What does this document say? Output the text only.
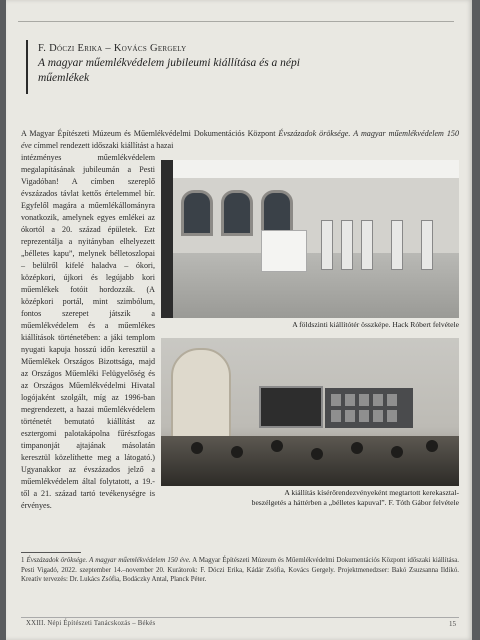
F. Dóczi Erika – Kovács Gergely
A magyar műemlékvédelem jubileumi kiállítása és a népi műemlékek
A Magyar Építészeti Múzeum és Műemlékvédelmi Dokumentációs Központ Évszázadok öröksége. A magyar műemlékvédelem 150 éve címmel rendezett időszaki kiállítást a hazai
intézményes műemlékvédelem megalapításának jubileumán a Pesti Vigadóban! A címben szereplő évszázados távlat kettős értelemmel bír. Egyfelől magára a műemlékállományra vonatkozik, amelynek egyes emlékei az ókortól a 20. század épületek. Ezt reprezentálja a nyitányban elhelyezett „bélletes kapu”, melynek bélletoszlopai – belülről kifelé haladva – ókori, középkori, újkori és legújabb kori műemlékek fotóit hordozzák. (A középkori portál, mint szimbólum, fontos szerepet játszik a műemlékvédelem és a műemlékes kiállítások történetében: a jáki templom nyugati kapuja hosszú időn keresztül a Műemlékek Országos Bizottsága, majd az Országos Műemléki Felügyelőség és az Országos Műemlékvédelmi Hivatal logójaként szolgált, míg az 1996-ban megrendezett, a hazai műemlékvédelem történetét bemutató kiállítást az esztergomi palotakápolna fűrészfogas timpanonját ajtajának másolatán keresztül közelíthette meg a látogató.) Ugyanakkor az évszázados jelző a műemlékvédelem által folytatott, a 19.-től a 21. század tartó tevékenységre is érvényes.
A földszinti kiállítótér összképe. Hack Róbert felvétele
A kiállítás kísérőrendezvényeként megtartott kerekasztal-
beszélgetés a háttérben a „bélletes kapuval”. F. Tóth Gábor felvétele
1 Évszázadok öröksége. A magyar műemlékvédelem 150 éve. A Magyar Építészeti Múzeum és Műemlékvédelmi Dokumentációs Központ időszaki kiállítása. Pesti Vigadó, 2022. szeptember 14.–november 20. Kurátorok: F. Dóczi Erika, Kádár Zsófia, Kovács Gergely. Projektmenedzser: Bakó Zsuzsanna Ildikó. Kreatív tervezés: Dr. Lukács Zsófia, Bodáczky Antal, Planck Péter.
XXIII. Népi Építészeti Tanácskozás – Békés	15
